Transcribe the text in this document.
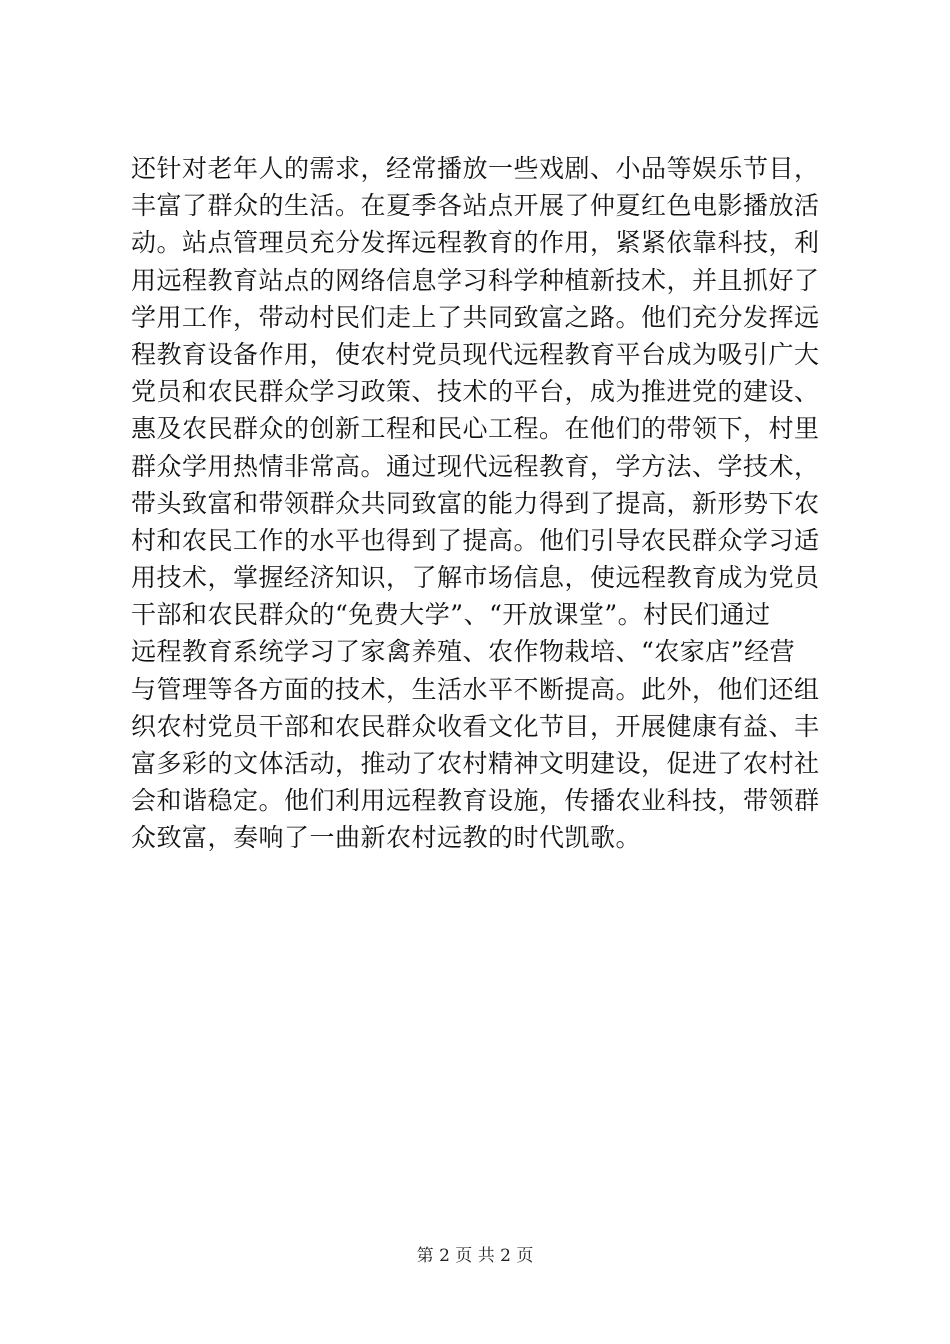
还针对老年人的需求，经常播放一些戏剧、小品等娱乐节目，
丰富了群众的生活。在夏季各站点开展了仲夏红色电影播放活
动。站点管理员充分发挥远程教育的作用，紧紧依靠科技，利
用远程教育站点的网络信息学习科学种植新技术，并且抓好了
学用工作，带动村民们走上了共同致富之路。他们充分发挥远
程教育设备作用，使农村党员现代远程教育平台成为吸引广大
党员和农民群众学习政策、技术的平台，成为推进党的建设、
惠及农民群众的创新工程和民心工程。在他们的带领下，村里
群众学用热情非常高。通过现代远程教育，学方法、学技术，
带头致富和带领群众共同致富的能力得到了提高，新形势下农
村和农民工作的水平也得到了提高。他们引导农民群众学习适
用技术，掌握经济知识，了解市场信息，使远程教育成为党员
干部和农民群众的“免费大学”、“开放课堂”。村民们通过
远程教育系统学习了家禽养殖、农作物栽培、“农家店”经营
与管理等各方面的技术，生活水平不断提高。此外，他们还组
织农村党员干部和农民群众收看文化节目，开展健康有益、丰
富多彩的文体活动，推动了农村精神文明建设，促进了农村社
会和谐稳定。他们利用远程教育设施，传播农业科技，带领群
众致富，奏响了一曲新农村远教的时代凯歌。
第 2 页 共 2 页
